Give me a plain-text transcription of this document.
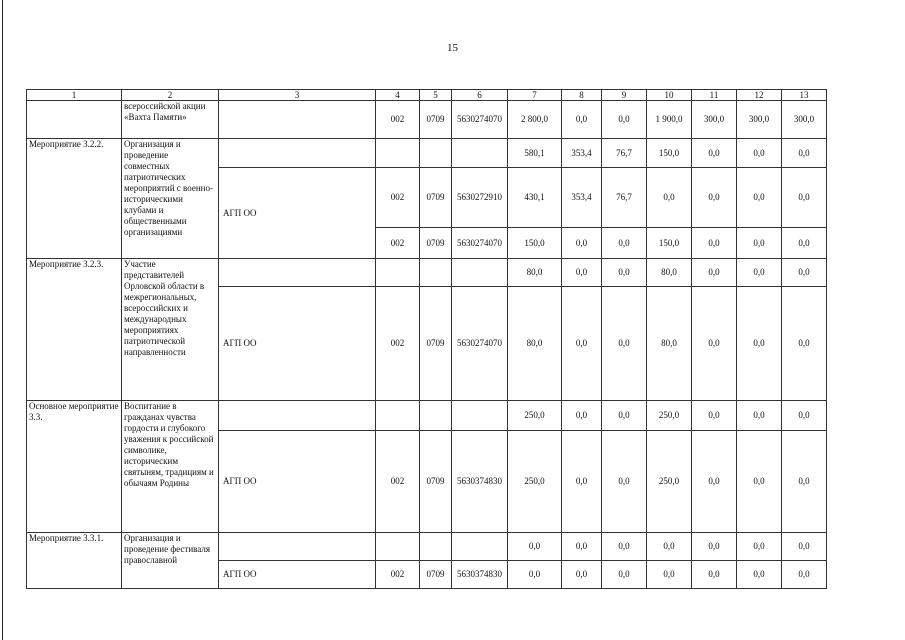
15
1	2	3	4	5	6	7	8	9	10	11	12	13
	всероссийской акции «Вахта Памяти»		002	0709	5630274070	2 800,0	0,0	0,0	1 900,0	300,0	300,0	300,0
Мероприятие 3.2.2.	Организация и проведение совместных патриотических мероприятий с военно-историческими клубами и общественными организациями					580,1	353,4	76,7	150,0	0,0	0,0	0,0
		АГП ОО	002	0709	5630272910	430,1	353,4	76,7	0,0	0,0	0,0	0,0
			002	0709	5630274070	150,0	0,0	0,0	150,0	0,0	0,0	0,0
Мероприятие 3.2.3.	Участие представителей Орловской области в межрегиональных, всероссийских и международных мероприятиях патриотической направленности					80,0	0,0	0,0	80,0	0,0	0,0	0,0
		АГП ОО	002	0709	5630274070	80,0	0,0	0,0	80,0	0,0	0,0	0,0
Основное мероприятие 3.3.	Воспитание в гражданах чувства гордости и глубокого уважения к российской символике, историческим святыням, традициям и обычаям Родины					250,0	0,0	0,0	250,0	0,0	0,0	0,0
		АГП ОО	002	0709	5630374830	250,0	0,0	0,0	250,0	0,0	0,0	0,0
Мероприятие 3.3.1.	Организация и проведение фестиваля православной					0,0	0,0	0,0	0,0	0,0	0,0	0,0
		АГП ОО	002	0709	5630374830	0,0	0,0	0,0	0,0	0,0	0,0	0,0
